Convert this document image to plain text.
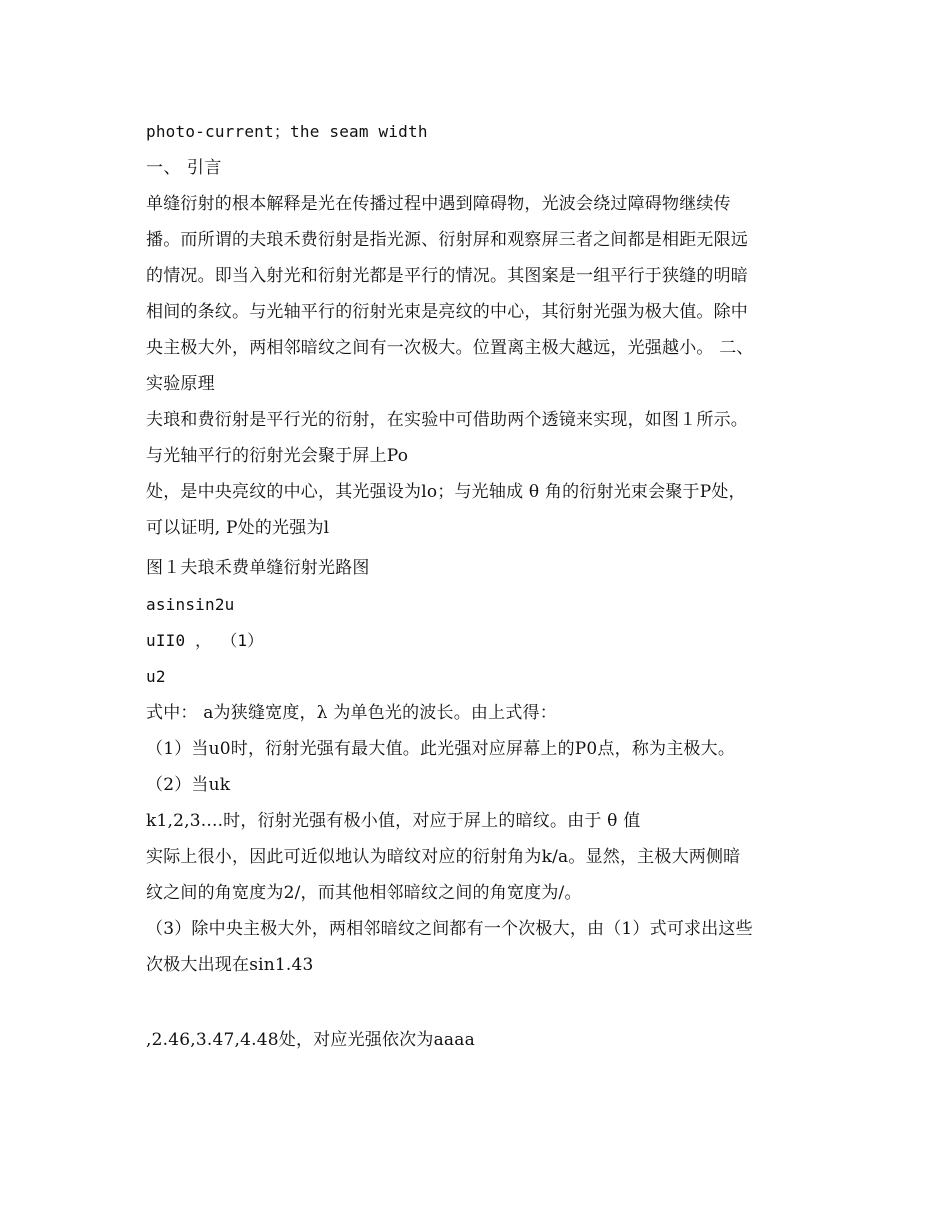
photo-current；the seam width

一、 引言

单缝衍射的根本解释是光在传播过程中遇到障碍物，光波会绕过障碍物继续传

播。而所谓的夫琅禾费衍射是指光源、衍射屏和观察屏三者之间都是相距无限远

的情况。即当入射光和衍射光都是平行的情况。其图案是一组平行于狭缝的明暗

相间的条纹。与光轴平行的衍射光束是亮纹的中心，其衍射光强为极大值。除中

央主极大外，两相邻暗纹之间有一次极大。位置离主极大越远，光强越小。 二、

实验原理

夫琅和费衍射是平行光的衍射，在实验中可借助两个透镜来实现，如图１所示。

与光轴平行的衍射光会聚于屏上Po

处，是中央亮纹的中心，其光强设为lo；与光轴成 θ 角的衍射光束会聚于P处，

可以证明, P处的光强为l

图１夫琅禾费单缝衍射光路图

asinsin2u

uII0 ， （1）

u2

式中： a为狭缝宽度，λ 为单色光的波长。由上式得：

（1）当u0时，衍射光强有最大值。此光强对应屏幕上的P0点，称为主极大。

（2）当uk

k1,2,3....时，衍射光强有极小值，对应于屏上的暗纹。由于 θ 值

实际上很小，因此可近似地认为暗纹对应的衍射角为k/a。显然，主极大两侧暗

纹之间的角宽度为2/，而其他相邻暗纹之间的角宽度为/。

（3）除中央主极大外，两相邻暗纹之间都有一个次极大，由（1）式可求出这些

次极大出现在sin1.43

,2.46,3.47,4.48处，对应光强依次为aaaa
